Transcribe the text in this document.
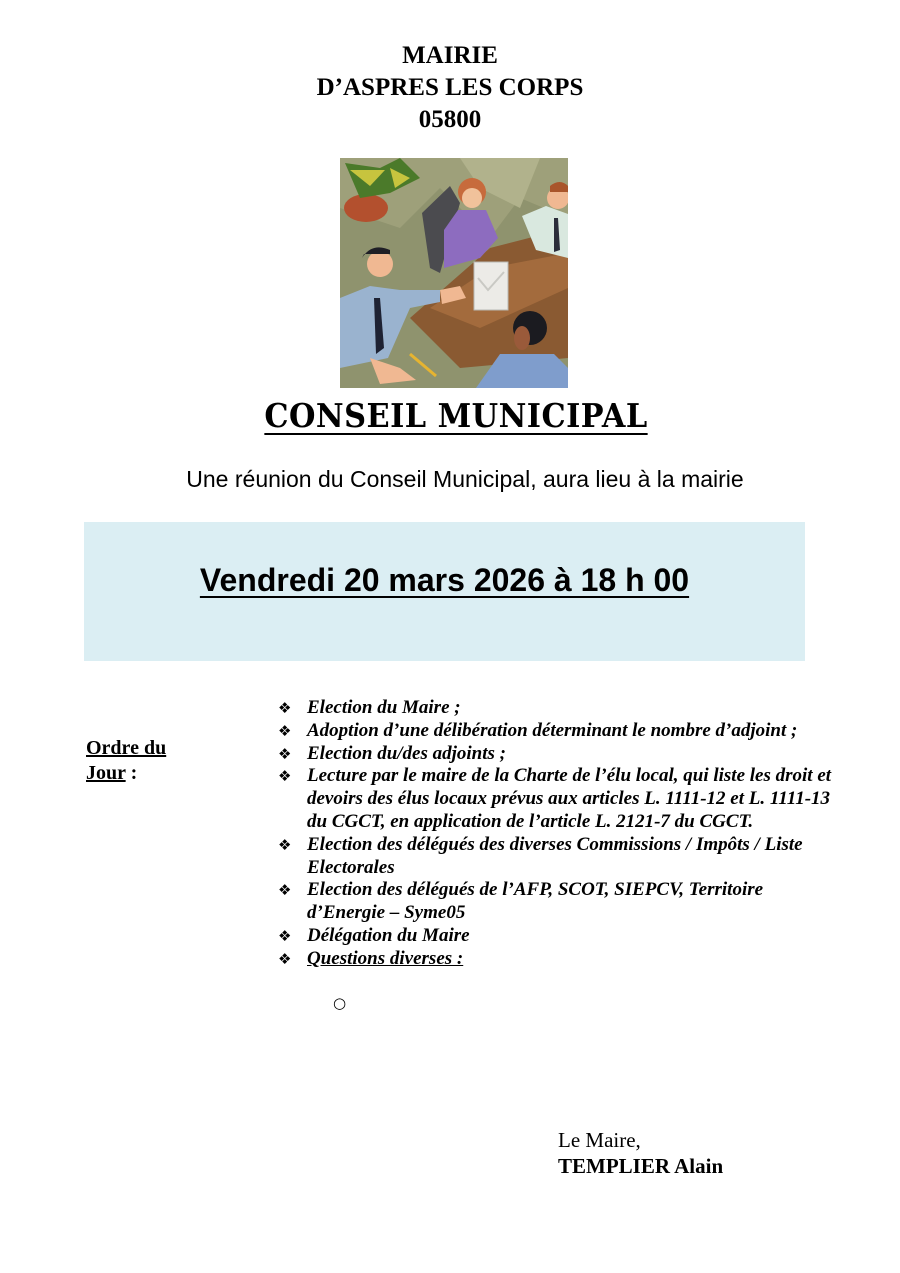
MAIRIE
D’ASPRES LES CORPS
05800
CONSEIL MUNICIPAL
Une réunion du Conseil Municipal, aura lieu à la mairie
Vendredi 20 mars 2026 à 18 h 00
Ordre du
Jour :
❖ Election du Maire ;
❖ Adoption d’une délibération déterminant le nombre d’adjoint ;
❖ Election du/des adjoints ;
❖ Lecture par le maire de la Charte de l’élu local, qui liste les droit et devoirs des élus locaux prévus aux articles L. 1111-12 et L. 1111-13 du CGCT, en application de l’article L. 2121-7 du CGCT.
❖ Election des délégués des diverses Commissions / Impôts / Liste Electorales
❖ Election des délégués de l’AFP, SCOT, SIEPCV, Territoire d’Energie – Syme05
❖ Délégation du Maire
❖ Questions diverses :
○
Le Maire,
TEMPLIER Alain
